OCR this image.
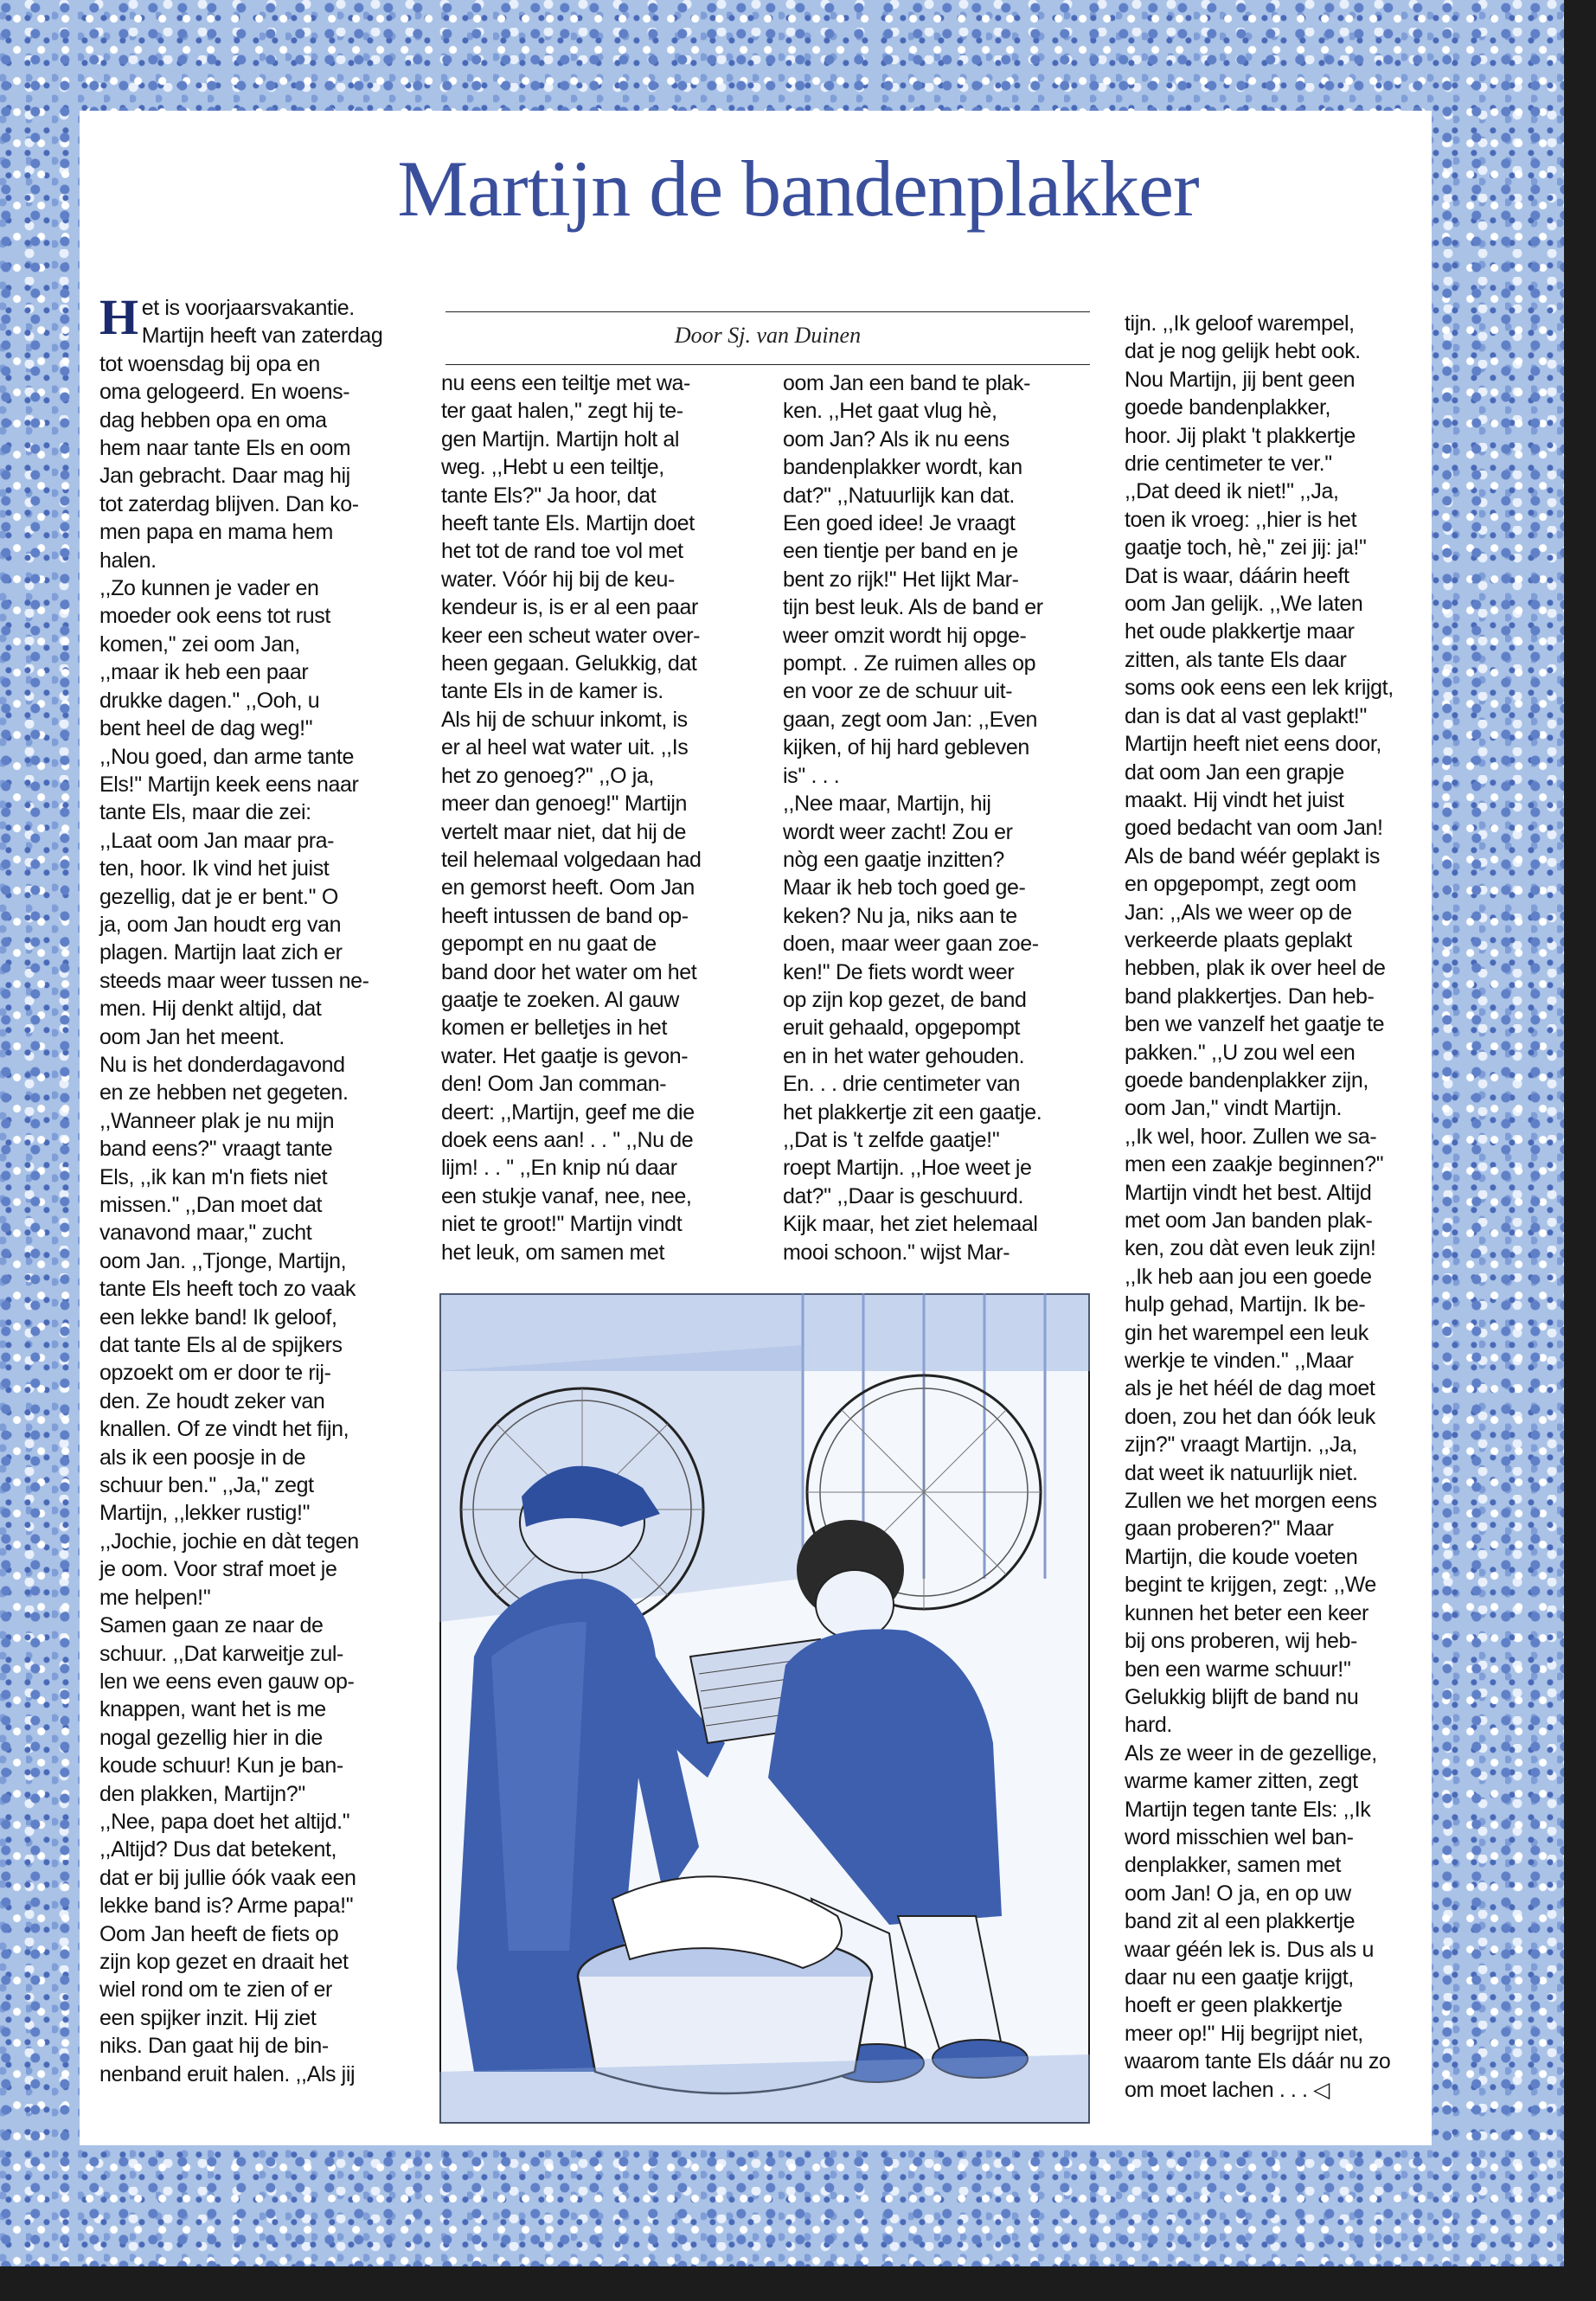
Martijn de bandenplakker
Door Sj. van Duinen
Het is voorjaarsvakantie.
Martijn heeft van zaterdag
tot woensdag bij opa en
oma gelogeerd. En woens-
dag hebben opa en oma
hem naar tante Els en oom
Jan gebracht. Daar mag hij
tot zaterdag blijven. Dan ko-
men papa en mama hem
halen.
,,Zo kunnen je vader en
moeder ook eens tot rust
komen,'' zei oom Jan,
,,maar ik heb een paar
drukke dagen.'' ,,Ooh, u
bent heel de dag weg!''
,,Nou goed, dan arme tante
Els!'' Martijn keek eens naar
tante Els, maar die zei:
,,Laat oom Jan maar pra-
ten, hoor. Ik vind het juist
gezellig, dat je er bent.'' O
ja, oom Jan houdt erg van
plagen. Martijn laat zich er
steeds maar weer tussen ne-
men. Hij denkt altijd, dat
oom Jan het meent.
Nu is het donderdagavond
en ze hebben net gegeten.
,,Wanneer plak je nu mijn
band eens?'' vraagt tante
Els, ,,ik kan m'n fiets niet
missen.'' ,,Dan moet dat
vanavond maar,'' zucht
oom Jan. ,,Tjonge, Martijn,
tante Els heeft toch zo vaak
een lekke band! Ik geloof,
dat tante Els al de spijkers
opzoekt om er door te rij-
den. Ze houdt zeker van
knallen. Of ze vindt het fijn,
als ik een poosje in de
schuur ben.'' ,,Ja,'' zegt
Martijn, ,,lekker rustig!''
,,Jochie, jochie en dàt tegen
je oom. Voor straf moet je
me helpen!''
Samen gaan ze naar de
schuur. ,,Dat karweitje zul-
len we eens even gauw op-
knappen, want het is me
nogal gezellig hier in die
koude schuur! Kun je ban-
den plakken, Martijn?''
,,Nee, papa doet het altijd.''
,,Altijd? Dus dat betekent,
dat er bij jullie óók vaak een
lekke band is? Arme papa!''
Oom Jan heeft de fiets op
zijn kop gezet en draait het
wiel rond om te zien of er
een spijker inzit. Hij ziet
niks. Dan gaat hij de bin-
nenband eruit halen. ,,Als jij
nu eens een teiltje met wa-
ter gaat halen,'' zegt hij te-
gen Martijn. Martijn holt al
weg. ,,Hebt u een teiltje,
tante Els?'' Ja hoor, dat
heeft tante Els. Martijn doet
het tot de rand toe vol met
water. Vóór hij bij de keu-
kendeur is, is er al een paar
keer een scheut water over-
heen gegaan. Gelukkig, dat
tante Els in de kamer is.
Als hij de schuur inkomt, is
er al heel wat water uit. ,,Is
het zo genoeg?'' ,,O ja,
meer dan genoeg!'' Martijn
vertelt maar niet, dat hij de
teil helemaal volgedaan had
en gemorst heeft. Oom Jan
heeft intussen de band op-
gepompt en nu gaat de
band door het water om het
gaatje te zoeken. Al gauw
komen er belletjes in het
water. Het gaatje is gevon-
den! Oom Jan comman-
deert: ,,Martijn, geef me die
doek eens aan! . . '' ,,Nu de
lijm! . . '' ,,En knip nú daar
een stukje vanaf, nee, nee,
niet te groot!'' Martijn vindt
het leuk, om samen met
oom Jan een band te plak-
ken. ,,Het gaat vlug hè,
oom Jan? Als ik nu eens
bandenplakker wordt, kan
dat?'' ,,Natuurlijk kan dat.
Een goed idee! Je vraagt
een tientje per band en je
bent zo rijk!'' Het lijkt Mar-
tijn best leuk. Als de band er
weer omzit wordt hij opge-
pompt. . Ze ruimen alles op
en voor ze de schuur uit-
gaan, zegt oom Jan: ,,Even
kijken, of hij hard gebleven
is'' . . .
,,Nee maar, Martijn, hij
wordt weer zacht! Zou er
nòg een gaatje inzitten?
Maar ik heb toch goed ge-
keken? Nu ja, niks aan te
doen, maar weer gaan zoe-
ken!'' De fiets wordt weer
op zijn kop gezet, de band
eruit gehaald, opgepompt
en in het water gehouden.
En. . . drie centimeter van
het plakkertje zit een gaatje.
,,Dat is 't zelfde gaatje!''
roept Martijn. ,,Hoe weet je
dat?'' ,,Daar is geschuurd.
Kijk maar, het ziet helemaal
mooi schoon.'' wijst Mar-
tijn. ,,Ik geloof warempel,
dat je nog gelijk hebt ook.
Nou Martijn, jij bent geen
goede bandenplakker,
hoor. Jij plakt 't plakkertje
drie centimeter te ver.''
,,Dat deed ik niet!'' ,,Ja,
toen ik vroeg: ,,hier is het
gaatje toch, hè,'' zei jij: ja!''
Dat is waar, dáárin heeft
oom Jan gelijk. ,,We laten
het oude plakkertje maar
zitten, als tante Els daar
soms ook eens een lek krijgt,
dan is dat al vast geplakt!''
Martijn heeft niet eens door,
dat oom Jan een grapje
maakt. Hij vindt het juist
goed bedacht van oom Jan!
Als de band wéér geplakt is
en opgepompt, zegt oom
Jan: ,,Als we weer op de
verkeerde plaats geplakt
hebben, plak ik over heel de
band plakkertjes. Dan heb-
ben we vanzelf het gaatje te
pakken.'' ,,U zou wel een
goede bandenplakker zijn,
oom Jan,'' vindt Martijn.
,,Ik wel, hoor. Zullen we sa-
men een zaakje beginnen?''
Martijn vindt het best. Altijd
met oom Jan banden plak-
ken, zou dàt even leuk zijn!
,,Ik heb aan jou een goede
hulp gehad, Martijn. Ik be-
gin het warempel een leuk
werkje te vinden.'' ,,Maar
als je het héél de dag moet
doen, zou het dan óók leuk
zijn?'' vraagt Martijn. ,,Ja,
dat weet ik natuurlijk niet.
Zullen we het morgen eens
gaan proberen?'' Maar
Martijn, die koude voeten
begint te krijgen, zegt: ,,We
kunnen het beter een keer
bij ons proberen, wij heb-
ben een warme schuur!''
Gelukkig blijft de band nu
hard.
Als ze weer in de gezellige,
warme kamer zitten, zegt
Martijn tegen tante Els: ,,Ik
word misschien wel ban-
denplakker, samen met
oom Jan! O ja, en op uw
band zit al een plakkertje
waar géén lek is. Dus als u
daar nu een gaatje krijgt,
hoeft er geen plakkertje
meer op!'' Hij begrijpt niet,
waarom tante Els dáár nu zo
om moet lachen . . . ◁
